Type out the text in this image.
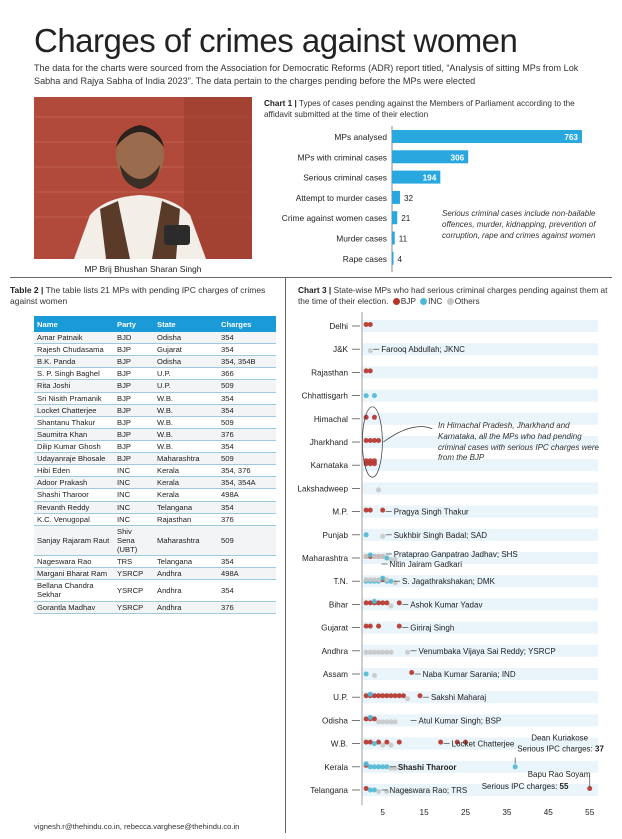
Charges of crimes against women
The data for the charts were sourced from the Association for Democratic Reforms (ADR) report titled, “Analysis of sitting MPs from Lok Sabha and Rajya Sabha of India 2023”. The data pertain to the charges pending before the MPs were elected
MP Brij Bhushan Sharan Singh
Chart 1 | Types of cases pending against the Members of Parliament according to the affidavit submitted at the time of their election
MPs analysed	763
MPs with criminal cases	306
Serious criminal cases	194
Attempt to murder cases 32
Crime against women cases 21
Murder cases 11
Rape cases 4
Serious criminal cases include non-bailable offences, murder, kidnapping, prevention of corruption, rape and crimes against women
Table 2 | The table lists 21 MPs with pending IPC charges of crimes against women
Name	Party	State	Charges
Amar Patnaik	BJD	Odisha	354
Rajesh Chudasama	BJP	Gujarat	354
B.K. Panda	BJP	Odisha	354, 354B
S. P. Singh Baghel	BJP	U.P.	366
Rita Joshi	BJP	U.P.	509
Sri Nisith Pramanik	BJP	W.B.	354
Locket Chatterjee	BJP	W.B.	354
Shantanu Thakur	BJP	W.B.	509
Saumitra Khan	BJP	W.B.	376
Dilip Kumar Ghosh	BJP	W.B.	354
Udayanraje Bhosale	BJP	Maharashtra	509
Hibi Eden	INC	Kerala	354, 376
Adoor Prakash	INC	Kerala	354, 354A
Shashi Tharoor	INC	Kerala	498A
Revanth Reddy	INC	Telangana	354
K.C. Venugopal	INC	Rajasthan	376
Sanjay Rajaram Raut	Shiv Sena (UBT)	Maharashtra	509
Nageswara Rao	TRS	Telangana	354
Margani Bharat Ram	YSRCP	Andhra	498A
Bellana Chandra Sekhar	YSRCP	Andhra	354
Gorantla Madhav	YSRCP	Andhra	376
vignesh.r@thehindu.co.in, rebecca.varghese@thehindu.co.in
Chart 3 | State-wise MPs who had serious criminal charges pending against them at the time of their election. BJP INC Others
Delhi
J&K
Rajasthan
Chhattisgarh
Himachal
Jharkhand
Karnataka
Lakshadweep
M.P.
Punjab
Maharashtra
T.N.
Bihar
Gujarat
Andhra
Assam
U.P.
Odisha
W.B.
Kerala
Telangana
5	15	25	35	45	55
Farooq Abdullah; JKNC
Pragya Singh Thakur
Sukhbir Singh Badal; SAD
Prataprao Ganpatrao Jadhav; SHS
Nitin Jairam Gadkari
S. Jagathrakshakan; DMK
Ashok Kumar Yadav
Giriraj Singh
Venumbaka Vijaya Sai Reddy; YSRCP
Naba Kumar Sarania; IND
Sakshi Maharaj
Atul Kumar Singh; BSP
Locket Chatterjee
Shashi Tharoor
Nageswara Rao; TRS
Dean Kuriakose
Serious IPC charges: 37
Bapu Rao Soyam
Serious IPC charges: 55
In Himachal Pradesh, Jharkhand and Karnataka, all the MPs who had pending criminal cases with serious IPC charges were from the BJP
